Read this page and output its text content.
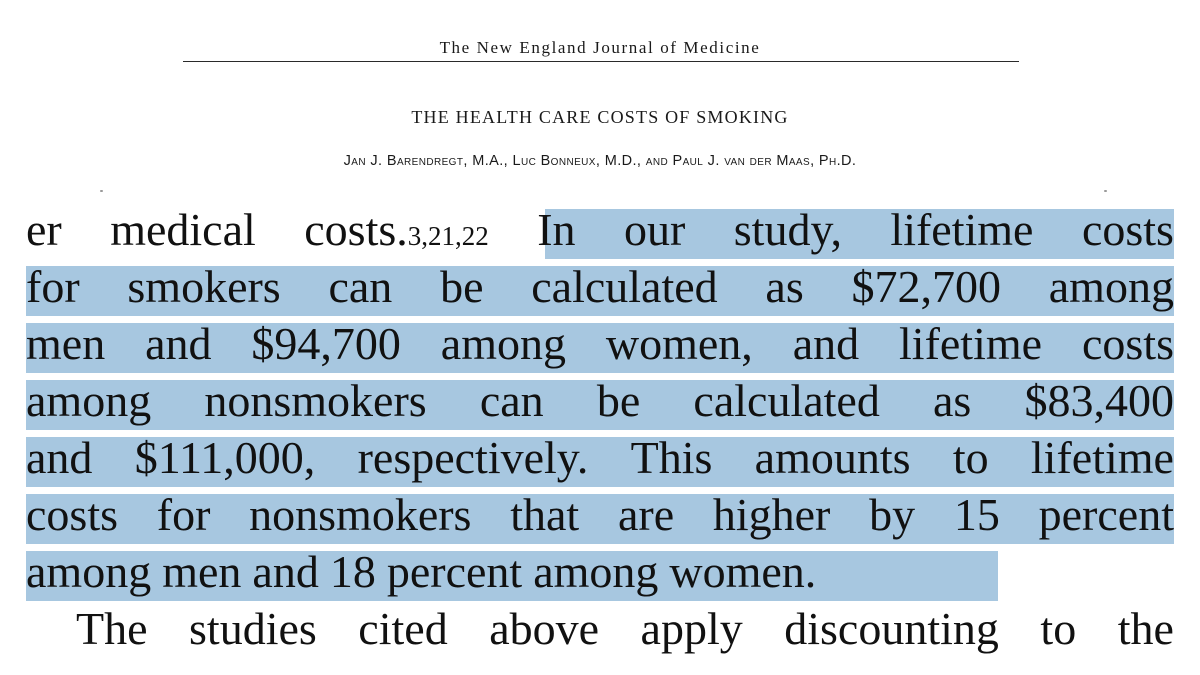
The New England Journal of Medicine
THE HEALTH CARE COSTS OF SMOKING
Jan J. Barendregt, M.A., Luc Bonneux, M.D., and Paul J. van der Maas, Ph.D.
er medical costs. 3,21,22 In our study, lifetime costs
for smokers can be calculated as $72,700 among
men and $94,700 among women, and lifetime costs
among nonsmokers can be calculated as $83,400
and $111,000, respectively. This amounts to lifetime
costs for nonsmokers that are higher by 15 percent
among men and 18 percent among women.
The studies cited above apply discounting to the
